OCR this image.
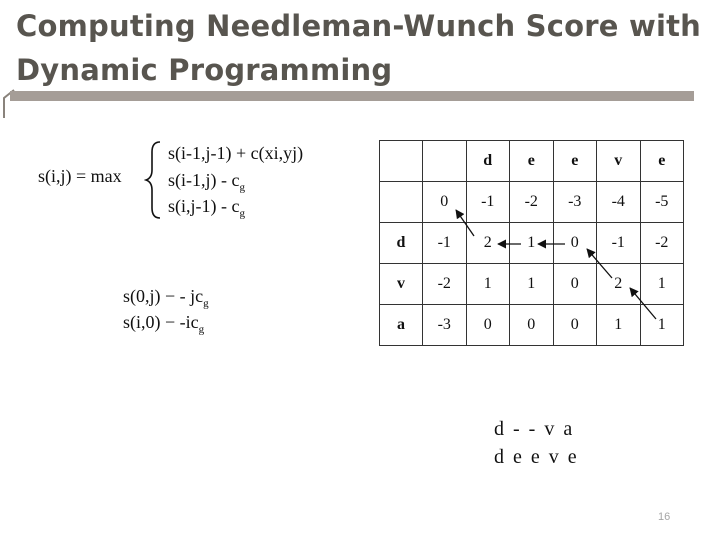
Computing Needleman-Wunch Score with
Dynamic Programming
s(i,j) = max
s(i-1,j-1) + c(xi,yj)
$s(i-1,j) - c_g$
$s(i,j-1) - c_g$
s(0,j) − - $jc_g$
$s(i,0) - -ic_g$
		d	e	e	v	e
	0	-1	-2	-3	-4	-5
d	-1	2	1	0	-1	-2
v	-2	1	1	0	2	1
a	-3	0	0	0	1	1
d - - v a
d e e v e
16
